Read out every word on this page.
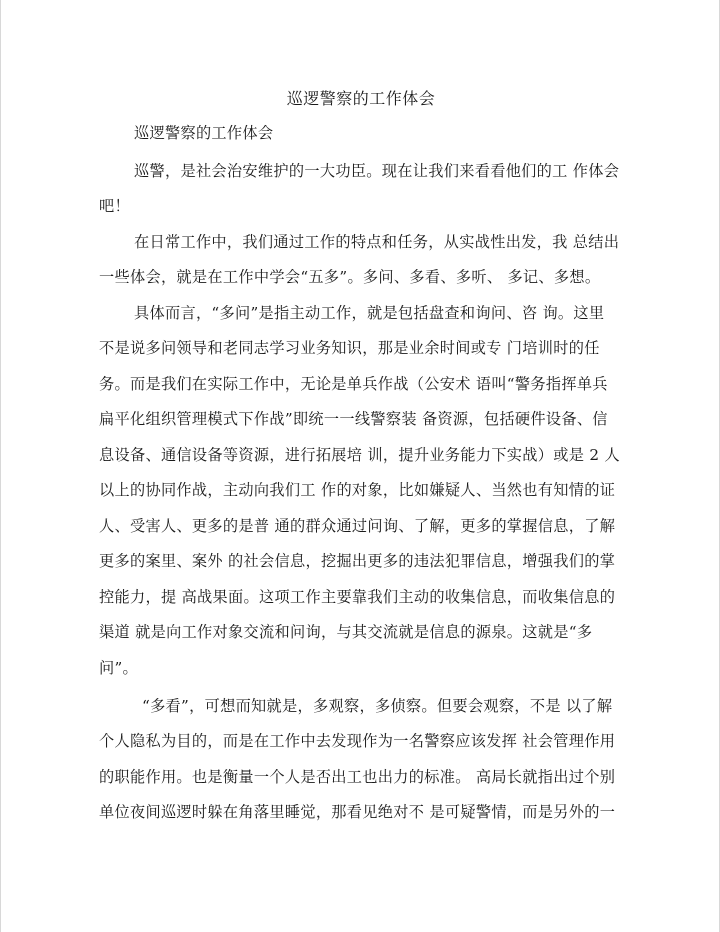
巡逻警察的工作体会
巡逻警察的工作体会
巡警，是社会治安维护的一大功臣。现在让我们来看看他们的工 作体会
吧！
在日常工作中，我们通过工作的特点和任务，从实战性出发，我 总结出
一些体会，就是在工作中学会“五多”。多问、多看、多听、 多记、多想。
具体而言，“多问”是指主动工作，就是包括盘查和询问、咨 询。这里
不是说多问领导和老同志学习业务知识，那是业余时间或专 门培训时的任
务。而是我们在实际工作中，无论是单兵作战（公安术 语叫“警务指挥单兵
扁平化组织管理模式下作战”即统一一线警察装 备资源，包括硬件设备、信
息设备、通信设备等资源，进行拓展培 训，提升业务能力下实战）或是 2 人
以上的协同作战，主动向我们工 作的对象，比如嫌疑人、当然也有知情的证
人、受害人、更多的是普 通的群众通过问询、了解，更多的掌握信息，了解
更多的案里、案外 的社会信息，挖掘出更多的违法犯罪信息，增强我们的掌
控能力，提 高战果面。这项工作主要靠我们主动的收集信息，而收集信息的
渠道 就是向工作对象交流和问询，与其交流就是信息的源泉。这就是“多
问”。
“多看”，可想而知就是，多观察，多侦察。但要会观察，不是 以了解
个人隐私为目的，而是在工作中去发现作为一名警察应该发挥 社会管理作用
的职能作用。也是衡量一个人是否出工也出力的标准。 高局长就指出过个别
单位夜间巡逻时躲在角落里睡觉，那看见绝对不 是可疑警情，而是另外的一
